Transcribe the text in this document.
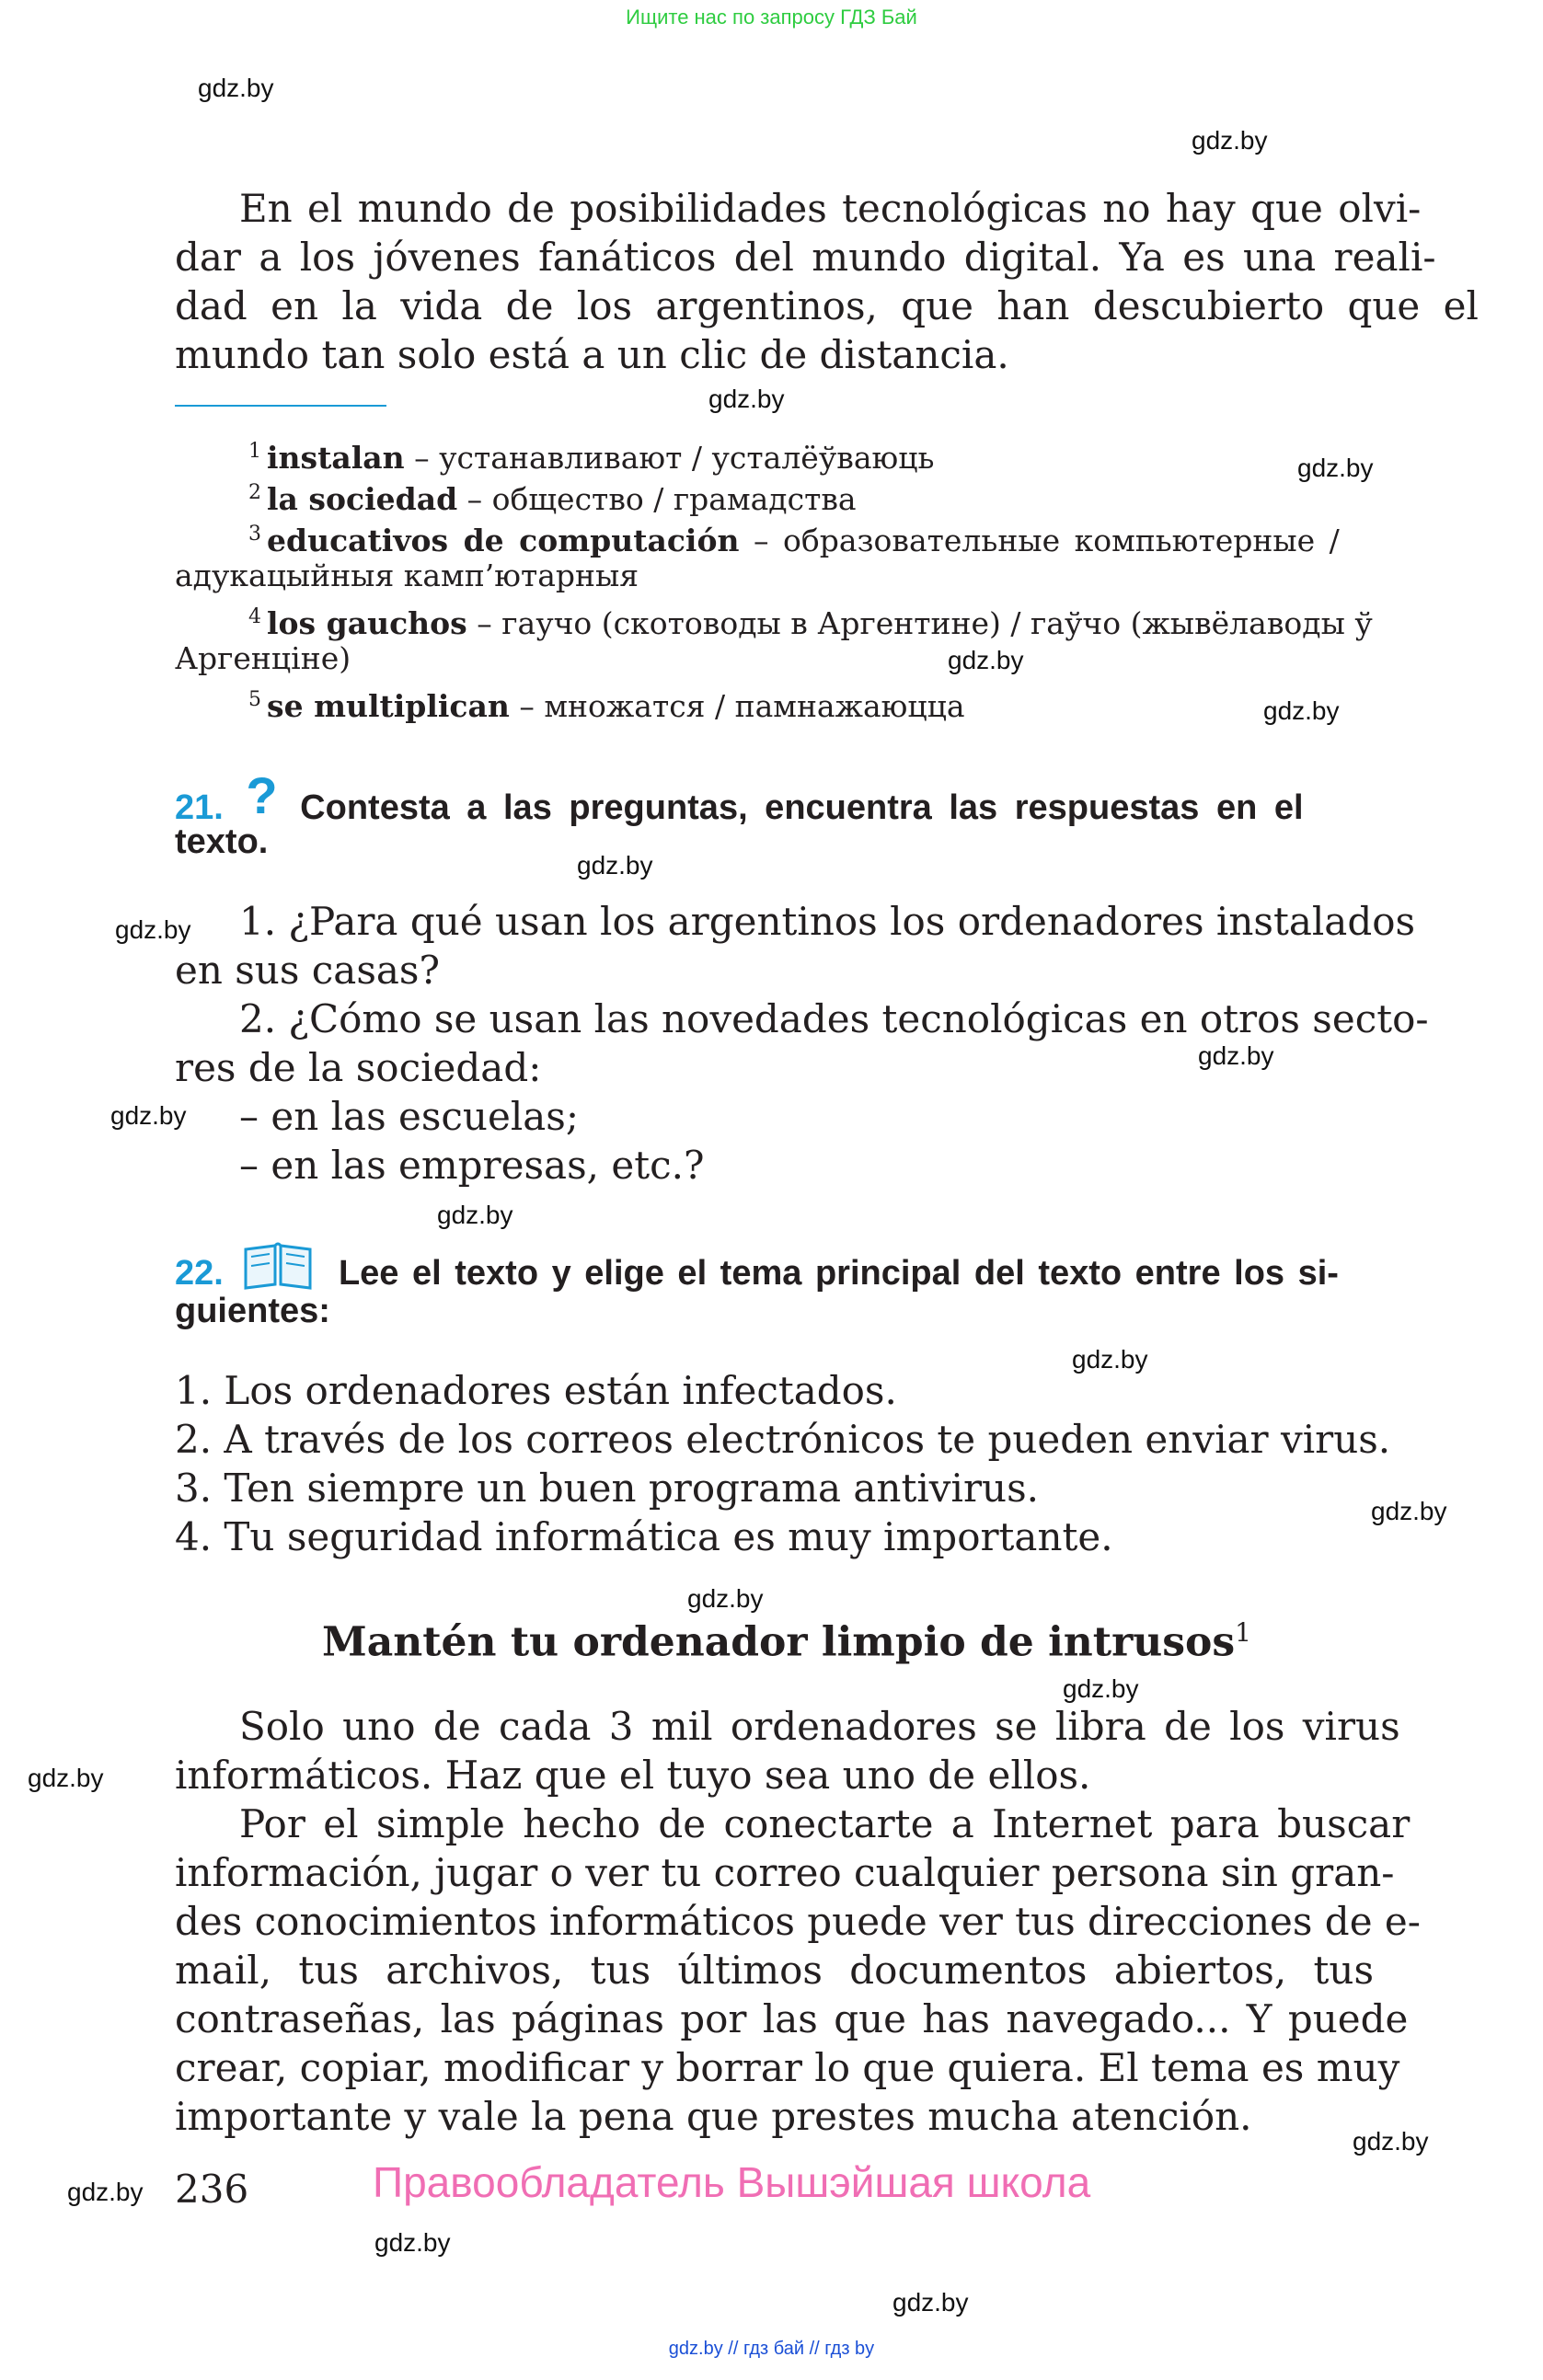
Ищите нас по запросу ГДЗ Бай
gdz.by
gdz.by
gdz.by
gdz.by
gdz.by
gdz.by
gdz.by
gdz.by
gdz.by
gdz.by
gdz.by
gdz.by
gdz.by
gdz.by
gdz.by
gdz.by
gdz.by
gdz.by
gdz.by
gdz.by
En el mundo de posibilidades tecnológicas no hay que olvi-
dar a los jóvenes fanáticos del mundo digital. Ya es una reali-
dad en la vida de los argentinos, que han descubierto que el
mundo tan solo está a un clic de distancia.
$^1$ instalan – устанавливают / усталёўваюць
$^2$ la sociedad – общество / грамадства
$^3$ educativos de computación – образовательные компьютерные /
адукацыйныя камп’ютарныя
$^4$ los gauchos – гаучо (скотоводы в Аргентине) / гаўчо (жывёлаводы ў
Аргенціне)
$^5$ se multiplican – множатся / памнажаюцца
21. ? Contesta a las preguntas, encuentra las respuestas en el
texto.
1. ¿Para qué usan los argentinos los ordenadores instalados
en sus casas?
2. ¿Cómo se usan las novedades tecnológicas en otros secto-
res de la sociedad:
– en las escuelas;
– en las empresas, etc.?
22.	Lee el texto y elige el tema principal del texto entre los si-
guientes:
1. Los ordenadores están infectados.
2. A través de los correos electrónicos te pueden enviar virus.
3. Ten siempre un buen programa antivirus.
4. Tu seguridad informática es muy importante.
Mantén tu ordenador limpio de intrusos$^1$
Solo uno de cada 3 mil ordenadores se libra de los virus
informáticos. Haz que el tuyo sea uno de ellos.
Por el simple hecho de conectarte a Internet para buscar
información, jugar o ver tu correo cualquier persona sin gran-
des conocimientos informáticos puede ver tus direcciones de e-
mail, tus archivos, tus últimos documentos abiertos, tus
contraseñas, las páginas por las que has navegado... Y puede
crear, copiar, modificar y borrar lo que quiera. El tema es muy
importante y vale la pena que prestes mucha atención.
236	Правообладатель Вышэйшая школа
gdz.by // гдз бай // гдз by
